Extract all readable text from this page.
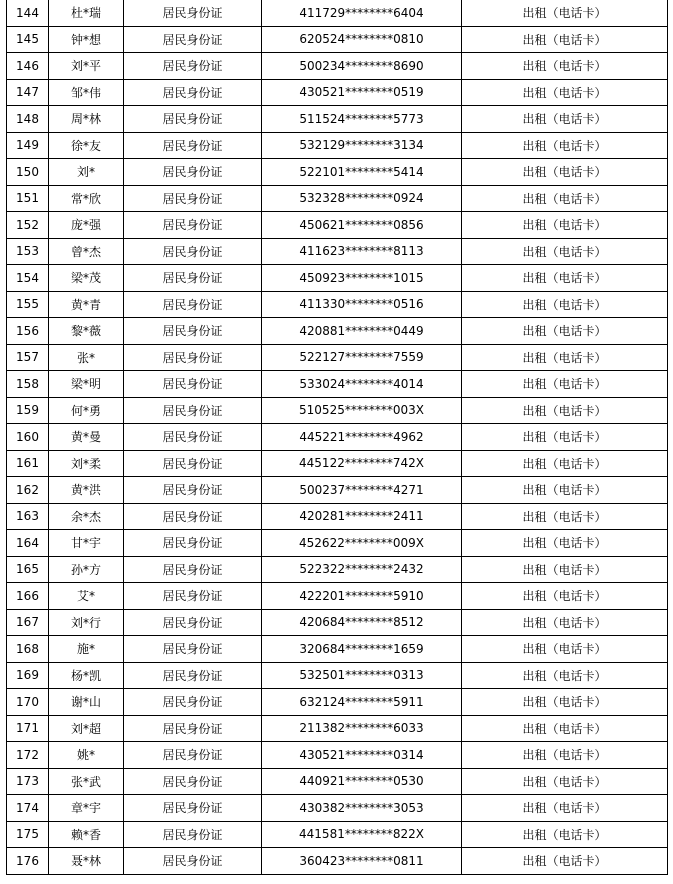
144	杜*瑞	居民身份证	411729********6404	出租（电话卡）
145	钟*想	居民身份证	620524********0810	出租（电话卡）
146	刘*平	居民身份证	500234********8690	出租（电话卡）
147	邹*伟	居民身份证	430521********0519	出租（电话卡）
148	周*林	居民身份证	511524********5773	出租（电话卡）
149	徐*友	居民身份证	532129********3134	出租（电话卡）
150	刘*	居民身份证	522101********5414	出租（电话卡）
151	常*欣	居民身份证	532328********0924	出租（电话卡）
152	庞*强	居民身份证	450621********0856	出租（电话卡）
153	曾*杰	居民身份证	411623********8113	出租（电话卡）
154	梁*茂	居民身份证	450923********1015	出租（电话卡）
155	黄*青	居民身份证	411330********0516	出租（电话卡）
156	黎*薇	居民身份证	420881********0449	出租（电话卡）
157	张*	居民身份证	522127********7559	出租（电话卡）
158	梁*明	居民身份证	533024********4014	出租（电话卡）
159	何*勇	居民身份证	510525********003X	出租（电话卡）
160	黄*曼	居民身份证	445221********4962	出租（电话卡）
161	刘*柔	居民身份证	445122********742X	出租（电话卡）
162	黄*洪	居民身份证	500237********4271	出租（电话卡）
163	余*杰	居民身份证	420281********2411	出租（电话卡）
164	甘*宇	居民身份证	452622********009X	出租（电话卡）
165	孙*方	居民身份证	522322********2432	出租（电话卡）
166	艾*	居民身份证	422201********5910	出租（电话卡）
167	刘*行	居民身份证	420684********8512	出租（电话卡）
168	施*	居民身份证	320684********1659	出租（电话卡）
169	杨*凯	居民身份证	532501********0313	出租（电话卡）
170	谢*山	居民身份证	632124********5911	出租（电话卡）
171	刘*超	居民身份证	211382********6033	出租（电话卡）
172	姚*	居民身份证	430521********0314	出租（电话卡）
173	张*武	居民身份证	440921********0530	出租（电话卡）
174	章*宇	居民身份证	430382********3053	出租（电话卡）
175	赖*香	居民身份证	441581********822X	出租（电话卡）
176	聂*林	居民身份证	360423********0811	出租（电话卡）
